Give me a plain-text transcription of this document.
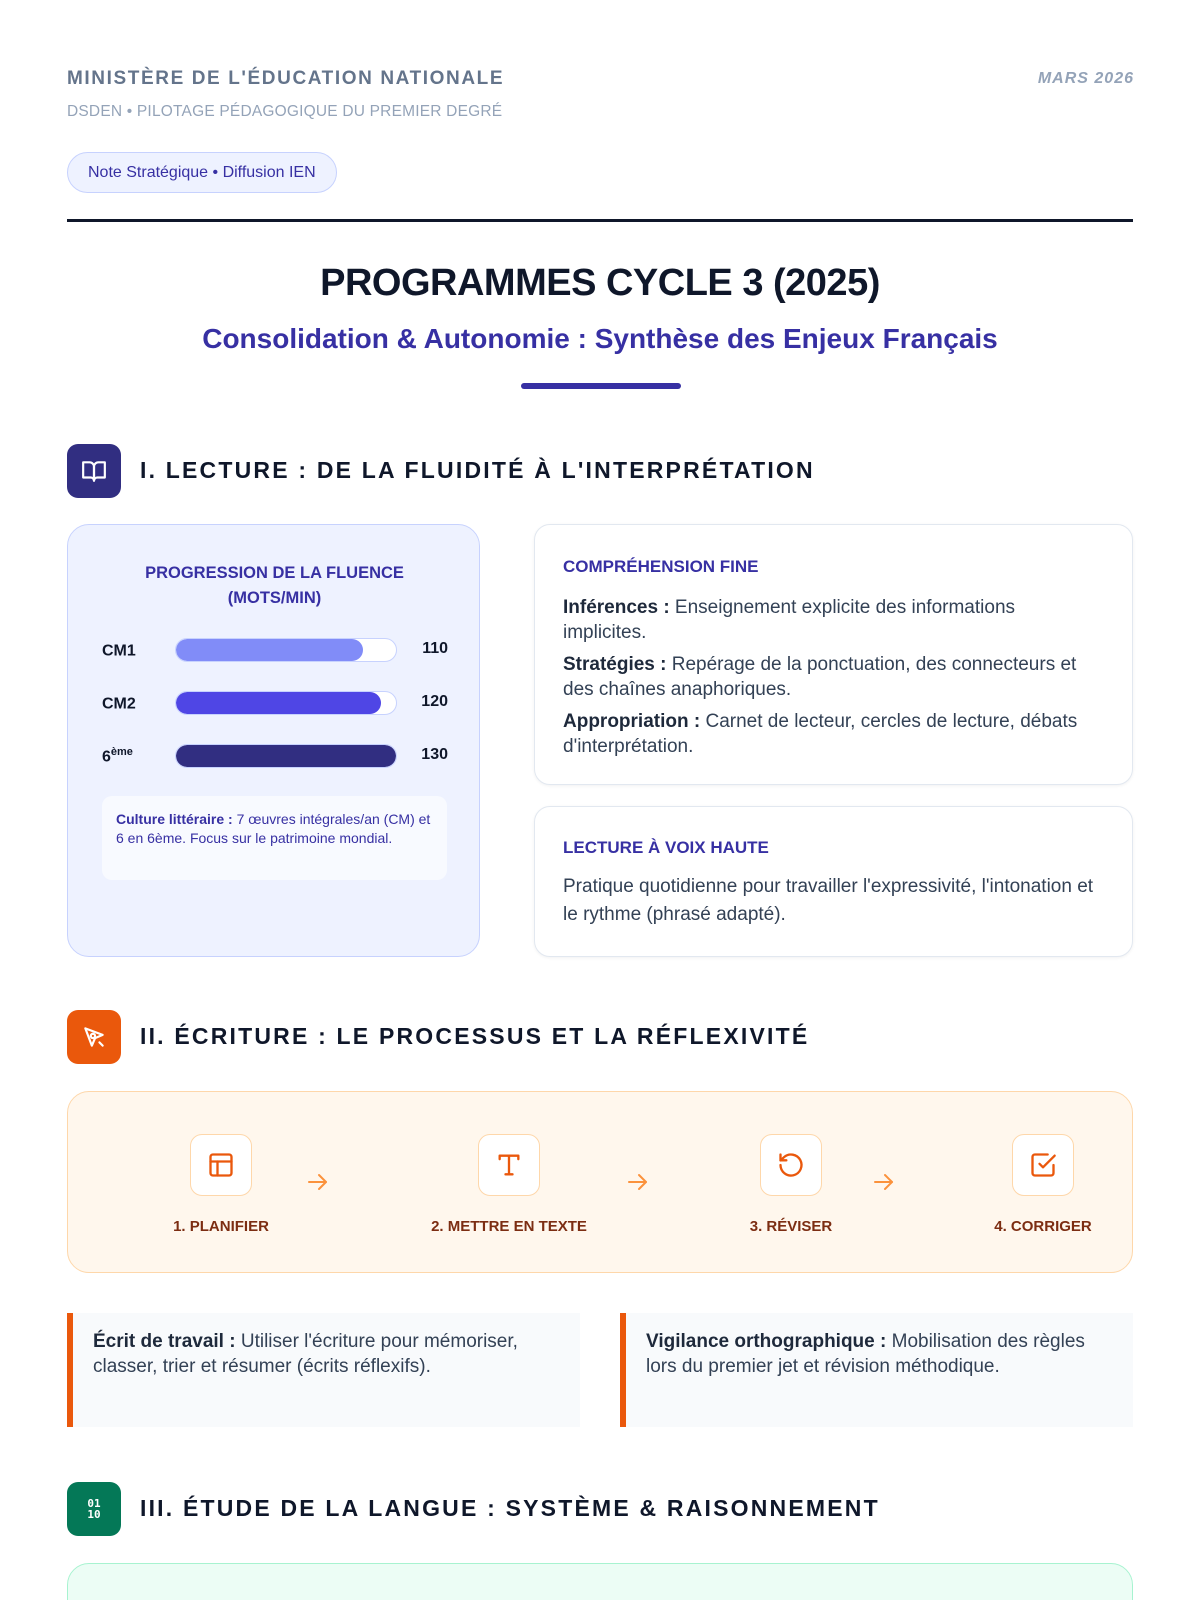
MINISTÈRE DE L'ÉDUCATION NATIONALE
DSDEN • PILOTAGE PÉDAGOGIQUE DU PREMIER DEGRÉ
MARS 2026
Note Stratégique • Diffusion IEN
PROGRAMMES CYCLE 3 (2025)
Consolidation & Autonomie : Synthèse des Enjeux Français
I. LECTURE : DE LA FLUIDITÉ À L'INTERPRÉTATION
PROGRESSION DE LA FLUENCE
(MOTS/MIN)
CM1	110
CM2	120
6ème	130
Culture littéraire : 7 œuvres intégrales/an (CM) et 6 en 6ème. Focus sur le patrimoine mondial.
COMPRÉHENSION FINE
Inférences : Enseignement explicite des informations implicites.
Stratégies : Repérage de la ponctuation, des connecteurs et des chaînes anaphoriques.
Appropriation : Carnet de lecteur, cercles de lecture, débats d'interprétation.
LECTURE À VOIX HAUTE
Pratique quotidienne pour travailler l'expressivité, l'intonation et le rythme (phrasé adapté).
II. ÉCRITURE : LE PROCESSUS ET LA RÉFLEXIVITÉ
1. PLANIFIER	2. METTRE EN TEXTE	3. RÉVISER	4. CORRIGER
Écrit de travail : Utiliser l'écriture pour mémoriser, classer, trier et résumer (écrits réflexifs).
Vigilance orthographique : Mobilisation des règles lors du premier jet et révision méthodique.
01 10 III. ÉTUDE DE LA LANGUE : SYSTÈME & RAISONNEMENT
